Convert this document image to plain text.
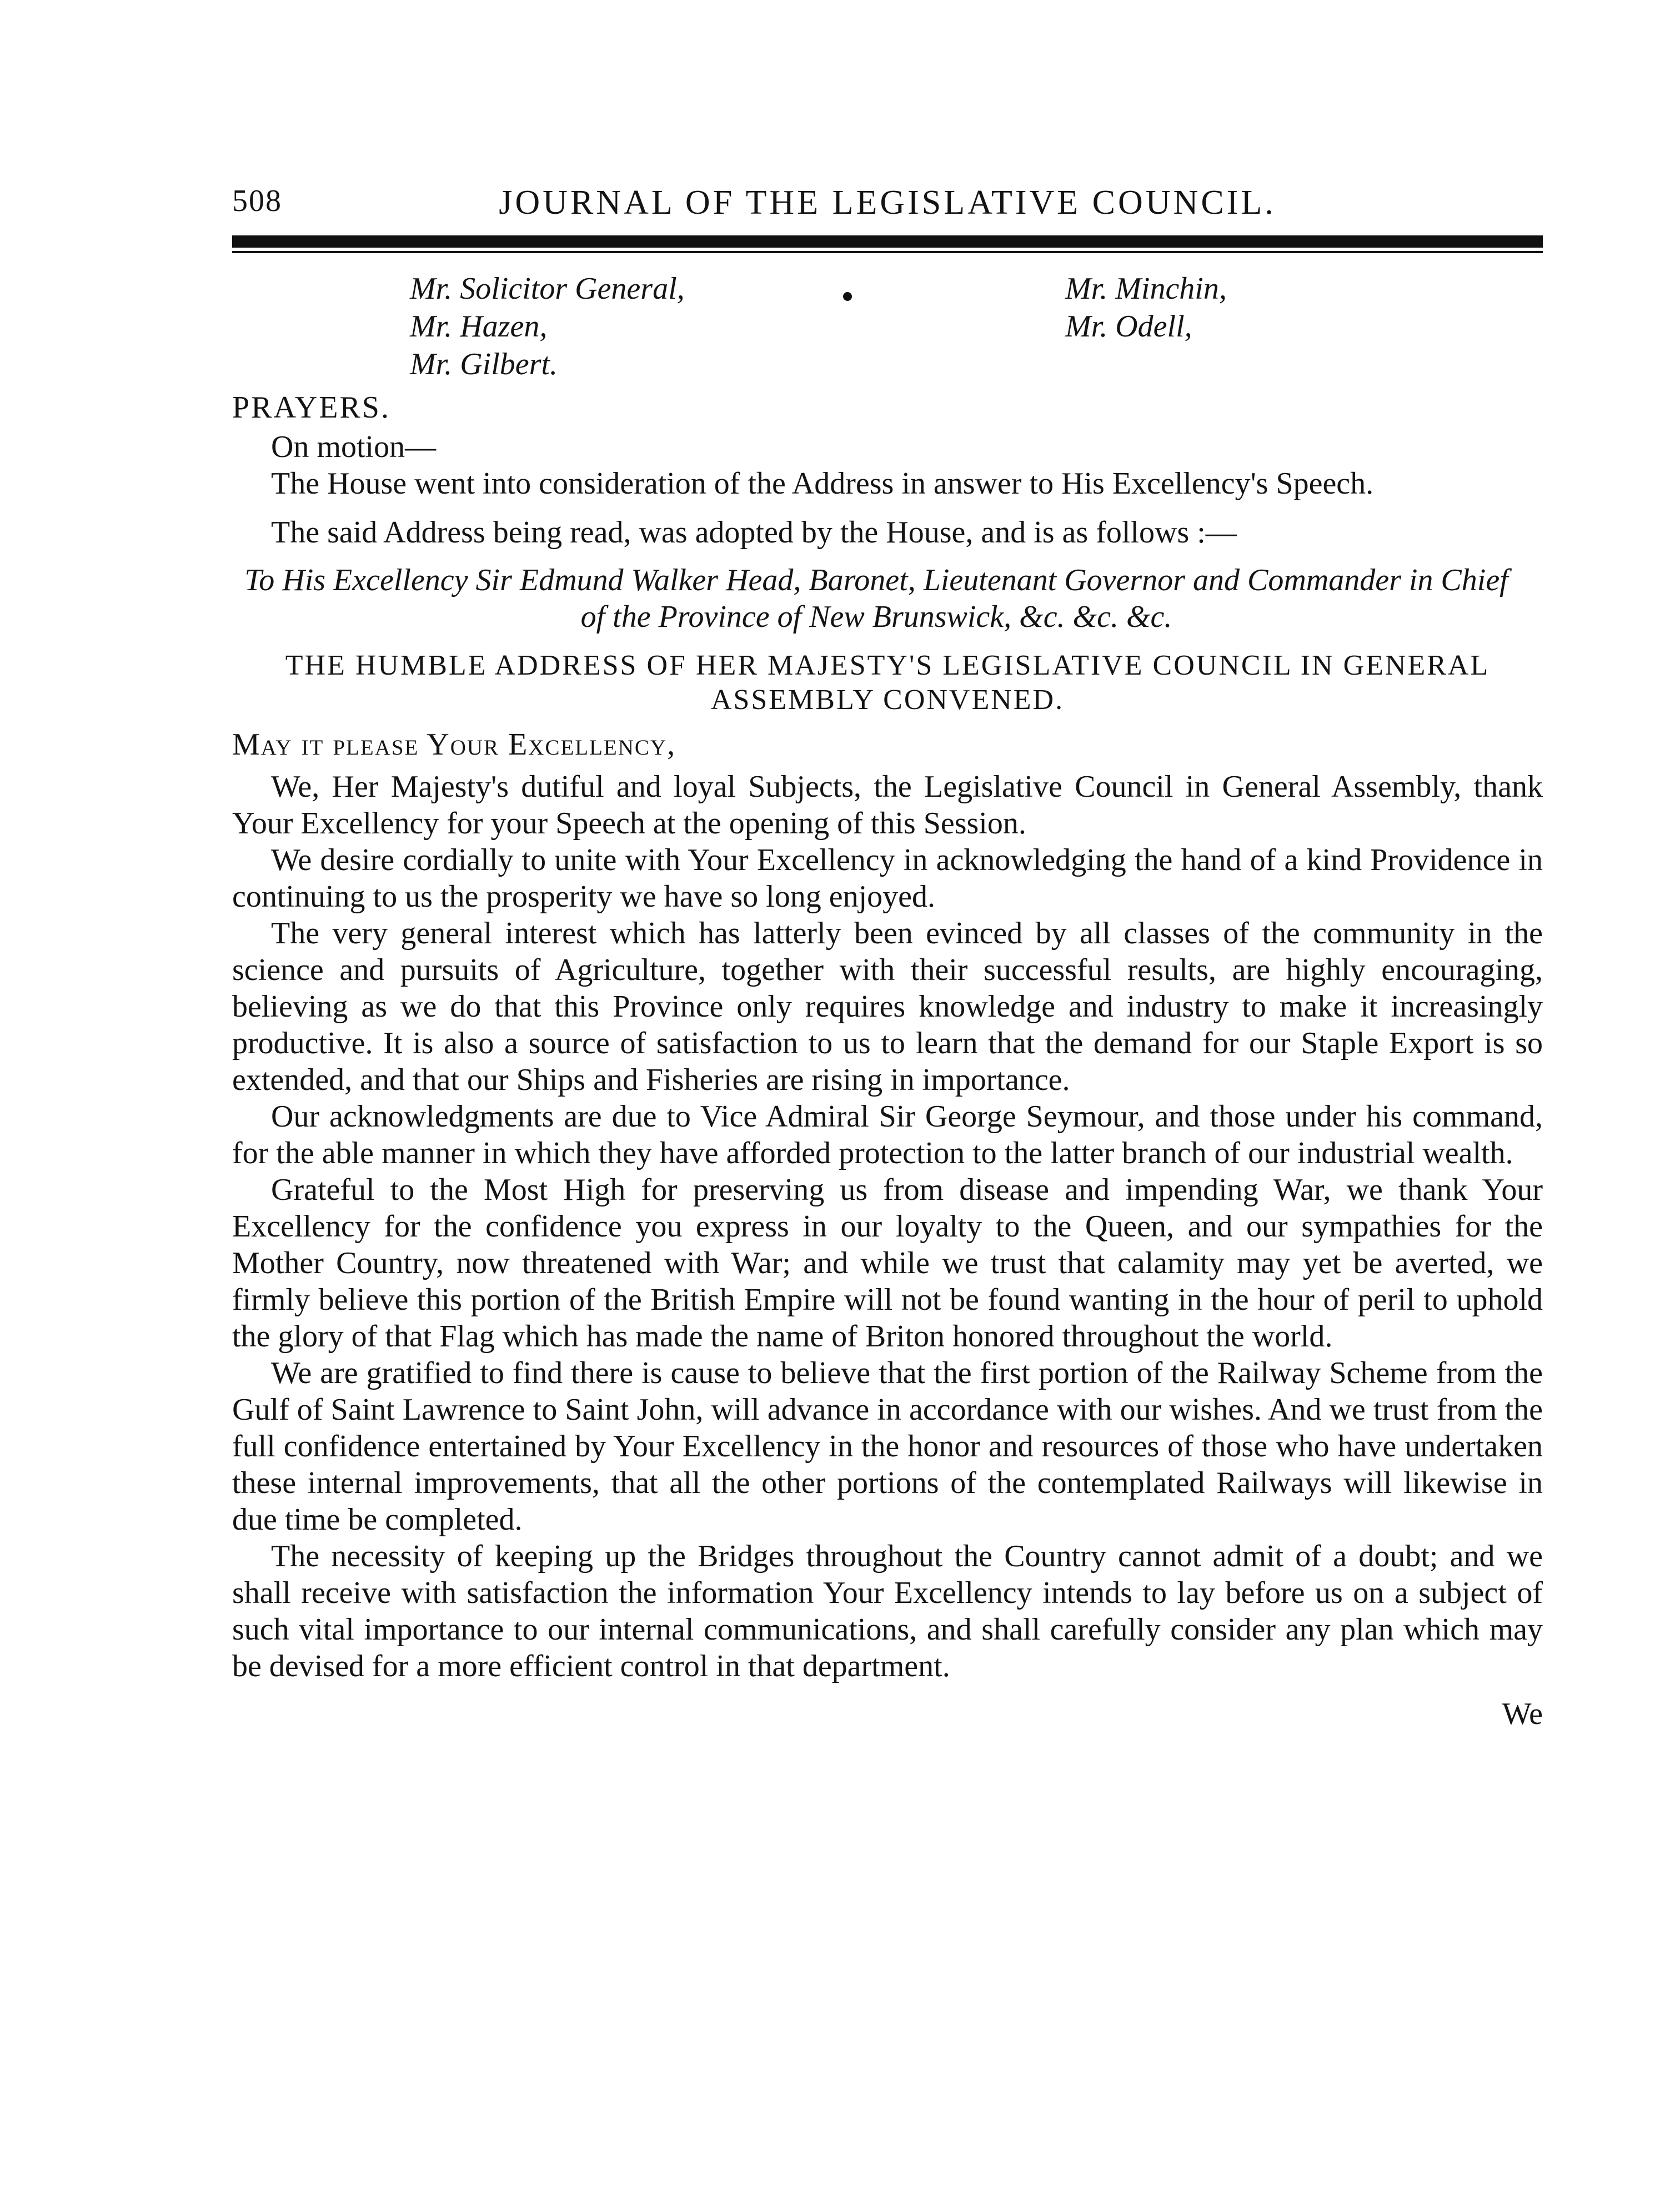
508	JOURNAL OF THE LEGISLATIVE COUNCIL.
Mr. Solicitor General,
Mr. Hazen,
Mr. Gilbert.
Mr. Minchin,
Mr. Odell,
PRAYERS.
On motion—

The House went into consideration of the Address in answer to His Excellency's Speech.

The said Address being read, was adopted by the House, and is as follows :—

To His Excellency Sir Edmund Walker Head, Baronet, Lieutenant Governor and Commander in Chief of the Province of New Brunswick, &c. &c. &c.
THE HUMBLE ADDRESS OF HER MAJESTY'S LEGISLATIVE COUNCIL IN GENERAL ASSEMBLY CONVENED.
May it please Your Excellency,

We, Her Majesty's dutiful and loyal Subjects, the Legislative Council in General Assembly, thank Your Excellency for your Speech at the opening of this Session.

We desire cordially to unite with Your Excellency in acknowledging the hand of a kind Providence in continuing to us the prosperity we have so long enjoyed.

The very general interest which has latterly been evinced by all classes of the community in the science and pursuits of Agriculture, together with their successful results, are highly encouraging, believing as we do that this Province only requires knowledge and industry to make it increasingly productive. It is also a source of satisfaction to us to learn that the demand for our Staple Export is so extended, and that our Ships and Fisheries are rising in importance.

Our acknowledgments are due to Vice Admiral Sir George Seymour, and those under his command, for the able manner in which they have afforded protection to the latter branch of our industrial wealth.

Grateful to the Most High for preserving us from disease and impending War, we thank Your Excellency for the confidence you express in our loyalty to the Queen, and our sympathies for the Mother Country, now threatened with War; and while we trust that calamity may yet be averted, we firmly believe this portion of the British Empire will not be found wanting in the hour of peril to uphold the glory of that Flag which has made the name of Briton honored throughout the world.

We are gratified to find there is cause to believe that the first portion of the Railway Scheme from the Gulf of Saint Lawrence to Saint John, will advance in accordance with our wishes. And we trust from the full confidence entertained by Your Excellency in the honor and resources of those who have undertaken these internal improvements, that all the other portions of the contemplated Railways will likewise in due time be completed.

The necessity of keeping up the Bridges throughout the Country cannot admit of a doubt; and we shall receive with satisfaction the information Your Excellency intends to lay before us on a subject of such vital importance to our internal communications, and shall carefully consider any plan which may be devised for a more efficient control in that department.

We
